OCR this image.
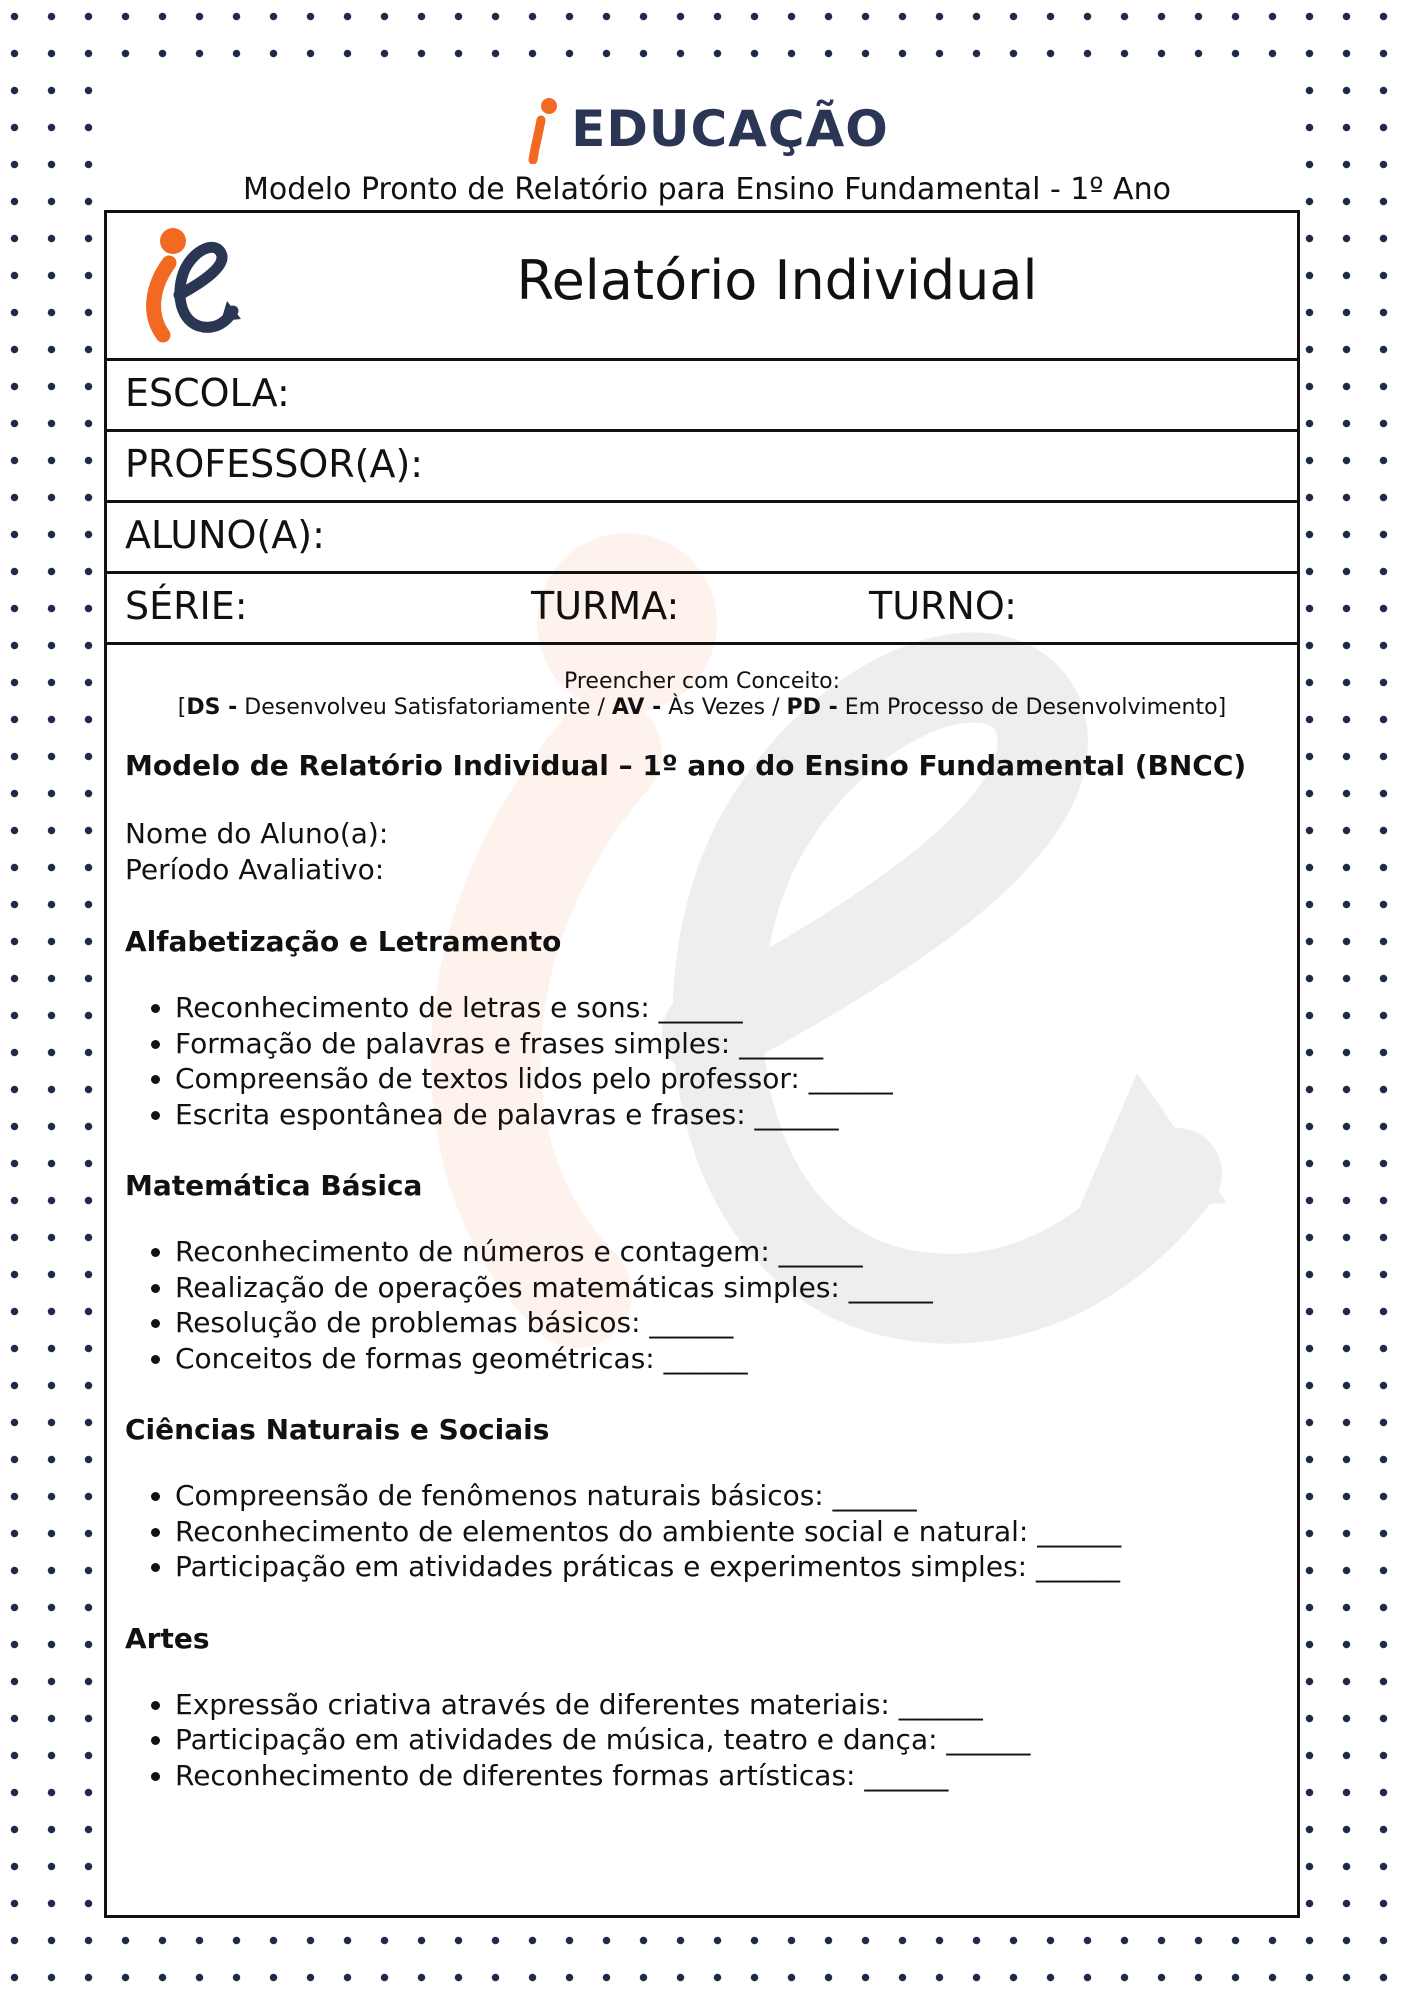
EDUCAÇÃO
Modelo Pronto de Relatório para Ensino Fundamental - 1º Ano
Relatório Individual
ESCOLA:
PROFESSOR(A):
ALUNO(A):
SÉRIE:	TURMA:	TURNO:
Preencher com Conceito:
[DS - Desenvolveu Satisfatoriamente / AV - Às Vezes / PD - Em Processo de Desenvolvimento]
Modelo de Relatório Individual – 1º ano do Ensino Fundamental (BNCC)
Nome do Aluno(a):
Período Avaliativo:
Alfabetização e Letramento
• Reconhecimento de letras e sons: ______
• Formação de palavras e frases simples: ______
• Compreensão de textos lidos pelo professor: ______
• Escrita espontânea de palavras e frases: ______
Matemática Básica
• Reconhecimento de números e contagem: ______
• Realização de operações matemáticas simples: ______
• Resolução de problemas básicos: ______
• Conceitos de formas geométricas: ______
Ciências Naturais e Sociais
• Compreensão de fenômenos naturais básicos: ______
• Reconhecimento de elementos do ambiente social e natural: ______
• Participação em atividades práticas e experimentos simples: ______
Artes
• Expressão criativa através de diferentes materiais: ______
• Participação em atividades de música, teatro e dança: ______
• Reconhecimento de diferentes formas artísticas: ______
